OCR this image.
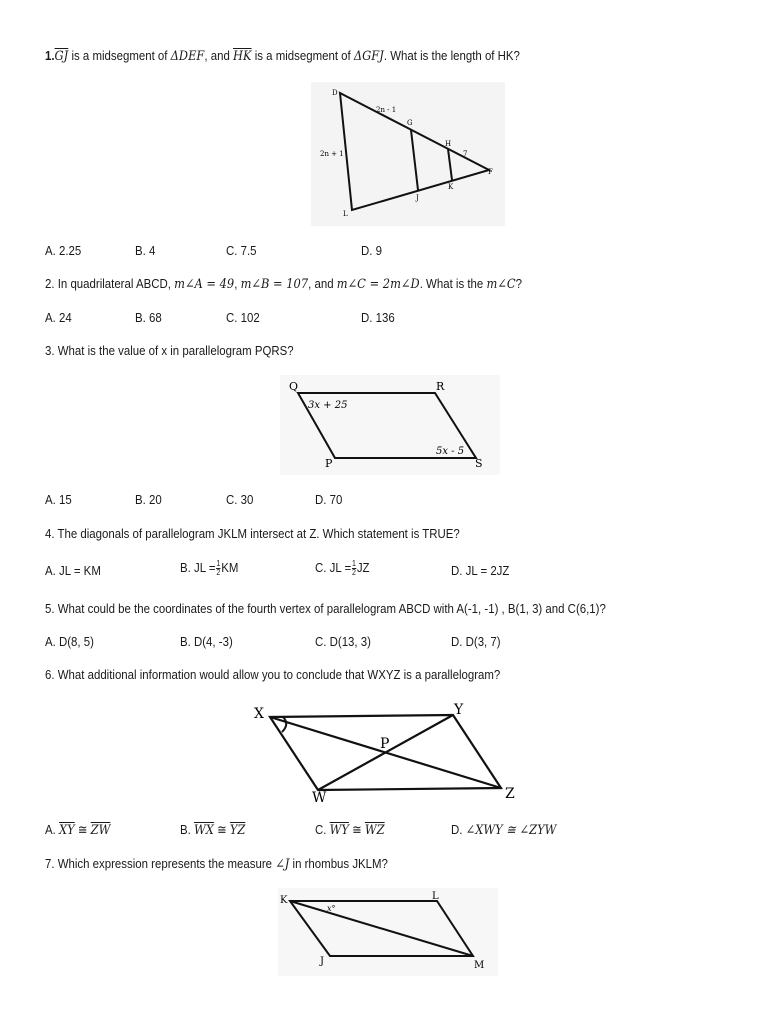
$1.\overline{GJ}$ is a midsegment of ΔDEF, and $\overline{HK}$ is a midsegment of ΔGFJ. What is the length of HK?
D
G
H
F
K
J
L
2n - 1
2n + 1	7
A. 2.25	B. 4	C. 7.5	D. 9
2. In quadrilateral ABCD, m∠A = 49, m∠B = 107, and m∠C = 2m∠D. What is the m∠C?
A. 24	B. 68	C. 102	D. 136
3. What is the value of x in parallelogram PQRS?
Q	R
P	S
3x + 25
5x - 5
A. 15	B. 20	C. 30	D. 70
4. The diagonals of parallelogram JKLM intersect at Z. Which statement is TRUE?
A. JL = KM	B. JL = $\frac{1}{2}$ KM	C. JL = $\frac{1}{2}$ JZ	D. JL = 2JZ
5. What could be the coordinates of the fourth vertex of parallelogram ABCD with A(-1, -1) , B(1, 3) and C(6,1)?
A. D(8, 5)	B. D(4, -3)	C. D(13, 3)	D. D(3, 7)
6. What additional information would allow you to conclude that WXYZ is a parallelogram?
X	Y
P
W	Z
A. $\overline{XY}$ ≅ $\overline{ZW}$	B. $\overline{WX}$ ≅ $\overline{YZ}$	C. $\overline{WY}$ ≅ $\overline{WZ}$	D. ∠XWY ≅ ∠ZYW
7. Which expression represents the measure ∠J in rhombus JKLM?
K	L
J	M
x°
